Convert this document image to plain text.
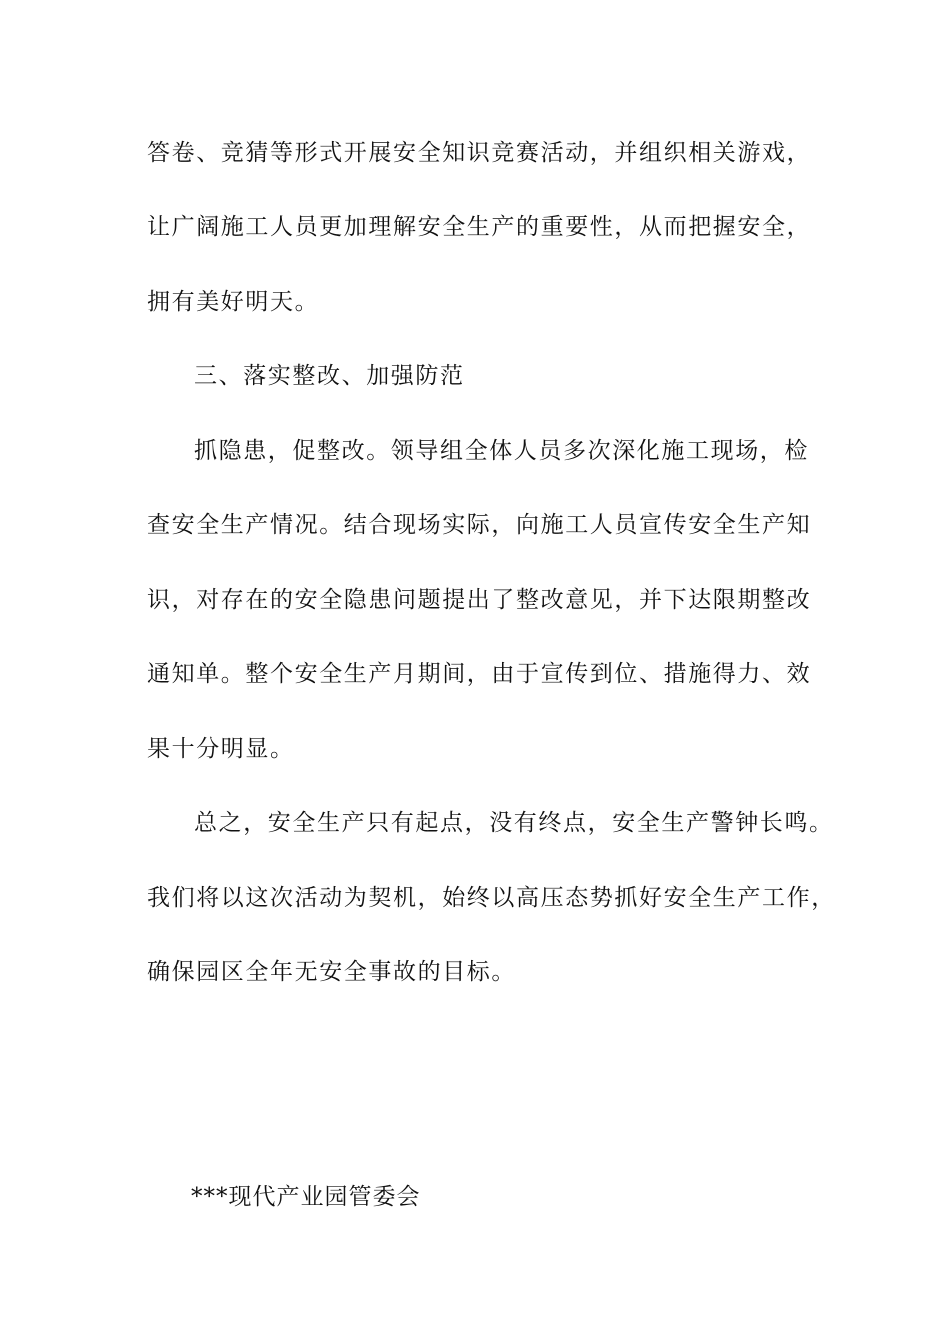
答卷、竞猜等形式开展安全知识竞赛活动，并组织相关游戏，
让广阔施工人员更加理解安全生产的重要性，从而把握安全，
拥有美好明天。
三、落实整改、加强防范
抓隐患，促整改。领导组全体人员多次深化施工现场，检
查安全生产情况。结合现场实际，向施工人员宣传安全生产知
识，对存在的安全隐患问题提出了整改意见，并下达限期整改
通知单。整个安全生产月期间，由于宣传到位、措施得力、效
果十分明显。
总之，安全生产只有起点，没有终点，安全生产警钟长鸣。
我们将以这次活动为契机，始终以高压态势抓好安全生产工作，
确保园区全年无安全事故的目标。
***现代产业园管委会
